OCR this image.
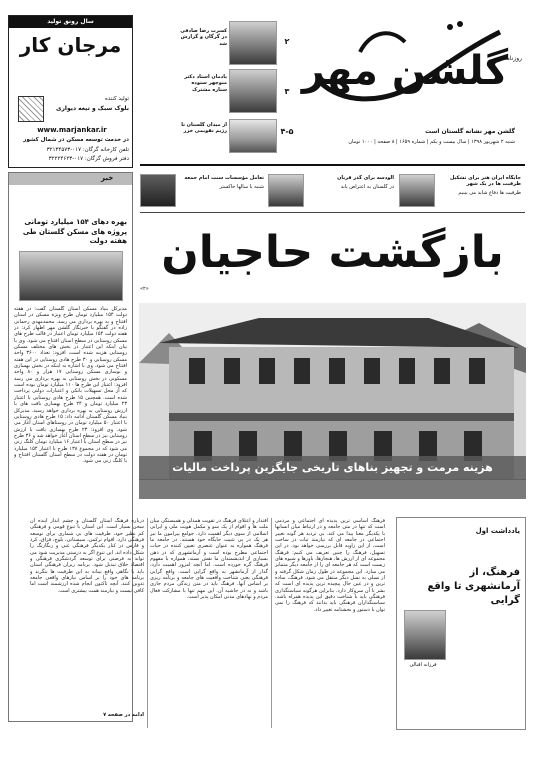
سال رونق تولید
مرجان کار
تولید کننده
بلوک سبک و تیغه دیواری
www.marjankar.ir
در خدمت توسعه مسکن در شمال کشور
تلفن کارخانه گرگان: ۰۱۷-۳۲۱۳۴۵۷۳
دفتر فروش گرگان: ۰۱۷-۳۲۲۲۴۶۲۳
کسرت رضا صادقی در گرگان و گزارش شد	۲
یادمان استاد دکتر منوچهر ستوده ستاره مشترک	۳
از میدان گلستان تا رژیم تقویمی خزر	۴-۵
گلشن مهر
روزنامه
گلشن مهر نشانه گلستان است
شنبه ۲ شهریور ۱۳۹۸ | سال بیست و یکم | شماره ۱۶۵۹ | ۸ صفحه | ۱۰۰۰ تومان
جایگاه ایران هنر برای تشکیل ظرفیت ها در یک شهر
ظرفیت ها دفاع شاید می بینیم
الودسه برای گذر قربان
در گلستان به اعتراض یابد
تعامل مؤسسات سنت امام جمعه
شنبه با سالها خاکستر
خبر
بهره دهای ۱۵۴ میلیارد تومانی پروژه های مسکن گلستان طی هفته دولت
مدیرکل بنیاد مسکن استان گلستان گفت: در هفته دولت ۱۵۴ میلیارد تومان طرح ویژه مسکن در استان افتتاح و به بهره برداری می رسد. محمدمهدی رحمانی زاده در گفتگو با خبرنگار گلشن مهر اظهار کرد: در هفته دولت ۱۵۴ میلیارد تومان اعتبار در قالب طرح های مسکن روستایی در سطح استان افتتاح می شود. وی با بیان اینکه این اعتبار در بخش های مختلف مسکن روستایی هزینه شده است، افزود: تعداد ۳۶۰۰ واحد مسکن روستایی و ۳۰ طرح هادی روستایی در این هفته افتتاح می شود. وی با اشاره به اینکه در بخش بهسازی و نوسازی مسکن روستایی ۱۷ هزار و ۸۰ واحد مسکونی در بخش روستایی به بهره برداری می رسد افزود: اعتبار این طرح ها ۱۱۰ میلیارد تومان بوده است که از محل تسهیلات بانکی و اعتبارات دولتی پرداخت شده است. همچنین ۱۵ طرح هادی روستایی با اعتبار ۲۳ میلیارد تومان و ۲۴ طرح بهسازی بافت های با ارزش روستایی به بهره برداری خواهد رسید. مدیرکل بنیاد مسکن گلستان ادامه داد: ۱۵ طرح هادی روستایی با اعتبار ۵۰ میلیارد تومان در روستاهای استان آغاز می شود. وی افزود: ۲۳ طرح بهسازی بافت با ارزش روستایی نیز در سطح استان آغاز خواهد شد و ۳۶ طرح نیز در سطح استان با اعتبار ۱۶ میلیارد تومان کلنگ زنی می شود که در مجموع ۱۳۸ طرح با اعتبار ۱۵۴ میلیارد تومان در هفته دولت در سطح استان گلستان افتتاح و یا کلنگ زنی می شود.
بازگشت حاجیان
«۲»
هزینه مرمت و تجهیز بناهای تاریخی جایگزین پرداخت مالیات
یادداشت اول
فرهنگ، از آرمانشهری تا واقع گرایی
فرزانه اقبالی
فرهنگ اساسی ترین پدیده ای اجتماعی و مردمی است که تنها در متن جامعه و در ارتباط میان انسانها با یکدیگر معنا پیدا می کند. بی تردید هر گونه تغییر اجتماعی در جامعه ای که نیازمند ثبات در ساخت است، از این زاویه قابل بررسی خواهد بود. در این تسهیل، فرهنگ را چنین تعریف می کنیم: فرهنگ مجموعه ای از ارزش ها، هنجارها، باورها و شیوه های زیست است که هر جامعه ای را از جامعه دیگر متمایز می سازد. این مجموعه در طول زمان شکل گرفته و از نسلی به نسل دیگر منتقل می شود. فرهنگ، ساده ترین و در عین حال پیچیده ترین پدیده ای است که بشر با آن سروکار دارد. بنابراین هرگونه سیاستگذاری فرهنگی باید با شناخت دقیق این پدیده همراه باشد. سیاستگذاران فرهنگی باید بدانند که فرهنگ را نمی توان با دستور و بخشنامه تغییر داد.
اقتدار و اعتلای فرهنگ در تقویت همدلی و همبستگی میان ملت ها و اقوام از یک سو و مکمل هویت ملی و ایرانی اسلامی از سوی دیگر اهمیت دارد. جوامع پیرامون ما نیز هر یک در پی تثبیت جایگاه خود هستند. در جامعه ما فرهنگ همواره به عنوان عنصری تعیین کننده در حیات اجتماعی مطرح بوده است و آرمانشهری که در ذهن بسیاری از اندیشمندان ما نقش بسته، همواره با مفهوم فرهنگ گره خورده است. اما آنچه امروز اهمیت دارد، گذار از آرمانشهر به واقع گرایی است. واقع گرایی فرهنگی یعنی شناخت واقعیت های جامعه و برنامه ریزی بر اساس آنها. فرهنگ باید در متن زندگی مردم جاری باشد و نه در حاشیه آن. این مهم تنها با مشارکت فعال مردم و نهادهای مدنی امکان پذیر است.
درباره فرهنگ استان گلستان و چشم انداز آینده آن سخن بسیار است. این استان با تنوع قومی و فرهنگی کم نظیر خود، ظرفیت های بی شماری برای توسعه فرهنگی دارد. اقوام ترکمن، سیستانی، بلوچ، قزاق، کرد و فارس در کنار یکدیگر فرهنگی غنی و رنگارنگ را شکل داده اند. این تنوع اگر به درستی مدیریت شود می تواند به فرصتی برای توسعه گردشگری فرهنگی و اقتصاد خلاق تبدیل شود. برنامه ریزان فرهنگی استان باید با نگاهی واقع بینانه به این ظرفیت ها بنگرند و برنامه های خود را بر اساس نیازهای واقعی جامعه تدوین کنند. آنچه تاکنون انجام شده ارزشمند است اما کافی نیست و نیازمند همت بیشتری است.
ادامه در صفحه ۷
